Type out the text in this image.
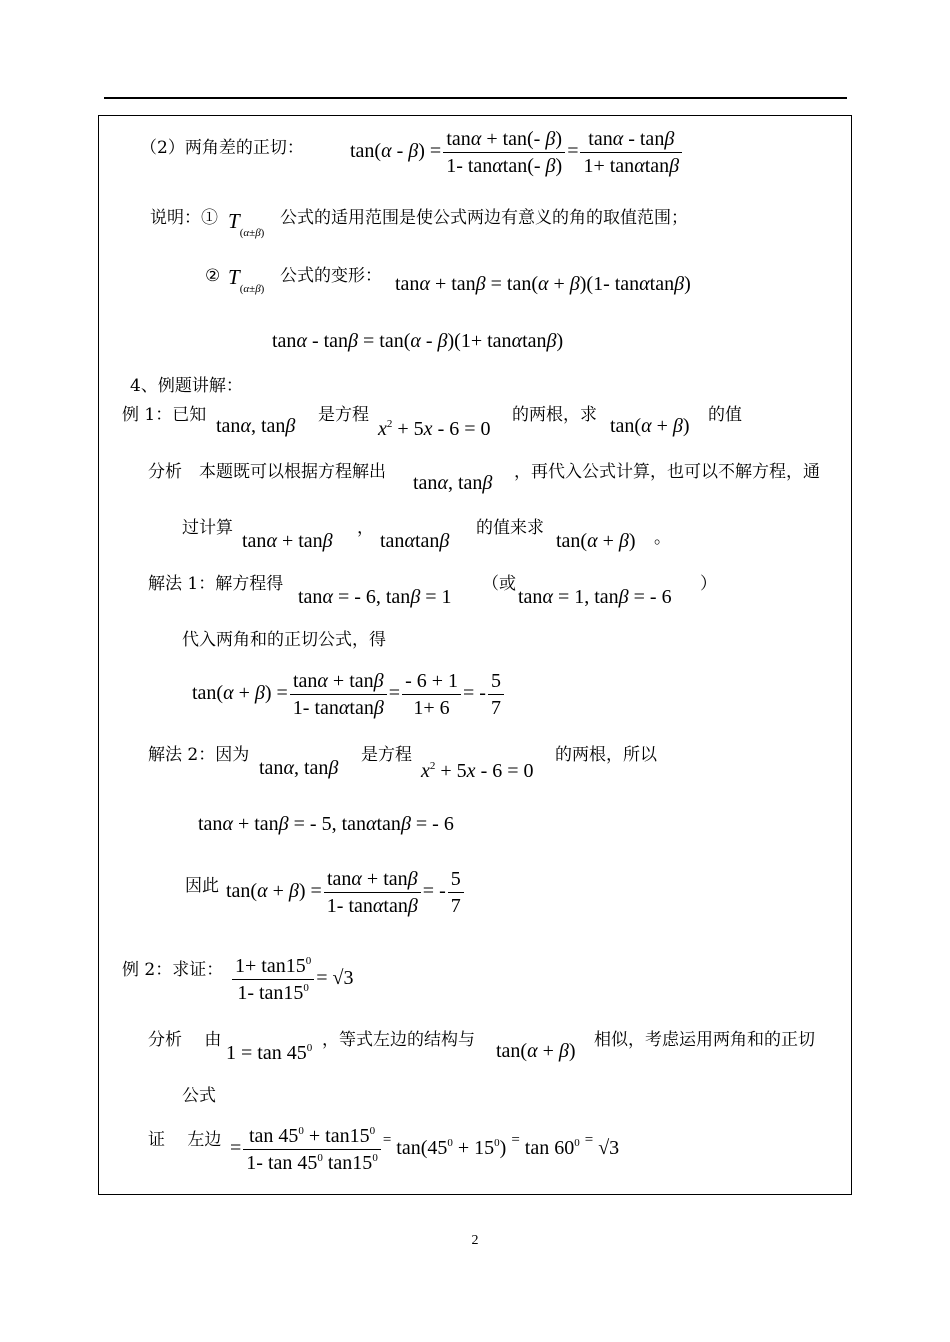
（2）两角差的正切： $\tan(\alpha - \beta) = \frac{\tan\alpha + \tan(- \beta)}{1- \tan\alpha\tan(- \beta)} = \frac{\tan\alpha - \tan\beta}{1+ \tan\alpha\tan\beta}$
说明：① $T_{(\alpha\pm\beta)}$
公式的适用范围是使公式两边有意义的角的取值范围；
② $T_{(\alpha\pm\beta)}$
公式的变形： tanα + tanβ = tan(α + β)(1- tanαtanβ)
tanα - tanβ = tan(α - β)(1+ tanαtanβ)
4、例题讲解：
例 1：已知 tanα, tanβ 是方程
$x^2 + 5x - 6 = 0$
的两根，求 tan(α + β) 的值
分析　本题既可以根据方程解出 tanα, tanβ ，再代入公式计算，也可以不解方程，通
过计算
tanα + tanβ
，
tanαtanβ
的值来求
tan(α + β) 。
解法 1：解方程得
tanα = - 6, tanβ = 1
（或
tanα = 1, tanβ = - 6
）
代入两角和的正切公式，得
$\tan(\alpha + \beta) = \frac{\tan\alpha + \tan\beta}{1- \tan\alpha\tan\beta} = \frac{- 6 + 1}{1+ 6}$ = - $\frac{5}{7}$
解法 2：因为
tanα, tanβ
是方程
$x^2 + 5x - 6 = 0$
的两根，所以
tanα + tanβ = - 5, tanαtanβ = - 6
因此 $\tan(\alpha + \beta) = \frac{\tan\alpha + \tan\beta}{1- \tan\alpha\tan\beta}$ = - $\frac{5}{7}$
例 2：求证： $\frac{1+ \tan 15^0}{1- \tan 15^0} = √3$
分析　 由
$1 = \tan 45^0$ ，等式左边的结构与 tan(α + β) 相似，考虑运用两角和的正切
公式
证　 左边 = $\frac{\tan 45^0 + \tan 15^0}{1- \tan 45^0 \tan 15^0} ^=$ $\tan(45^0 + 15^0)$ = $\tan 60^0$ = √3
2
